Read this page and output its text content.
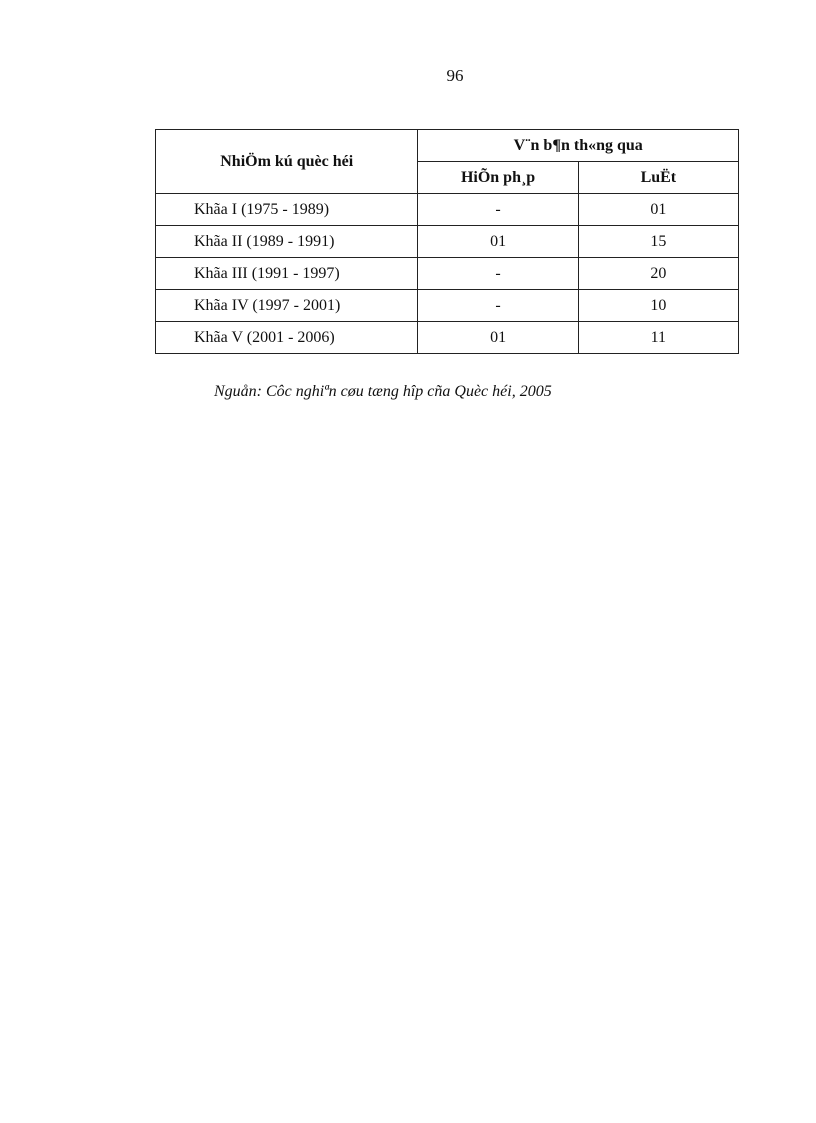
96
NhiÖm kú quèc héi	V¨n b¶n th«ng qua	
	HiÕn ph¸p	LuËt
Khãa I (1975 - 1989)	-	01
Khãa II (1989 - 1991)	01	15
Khãa III (1991 - 1997)	-	20
Khãa IV (1997 - 2001)	-	10
Khãa V (2001 - 2006)	01	11
Nguån: Côc nghiªn cøu tæng hîp cña Quèc héi, 2005
